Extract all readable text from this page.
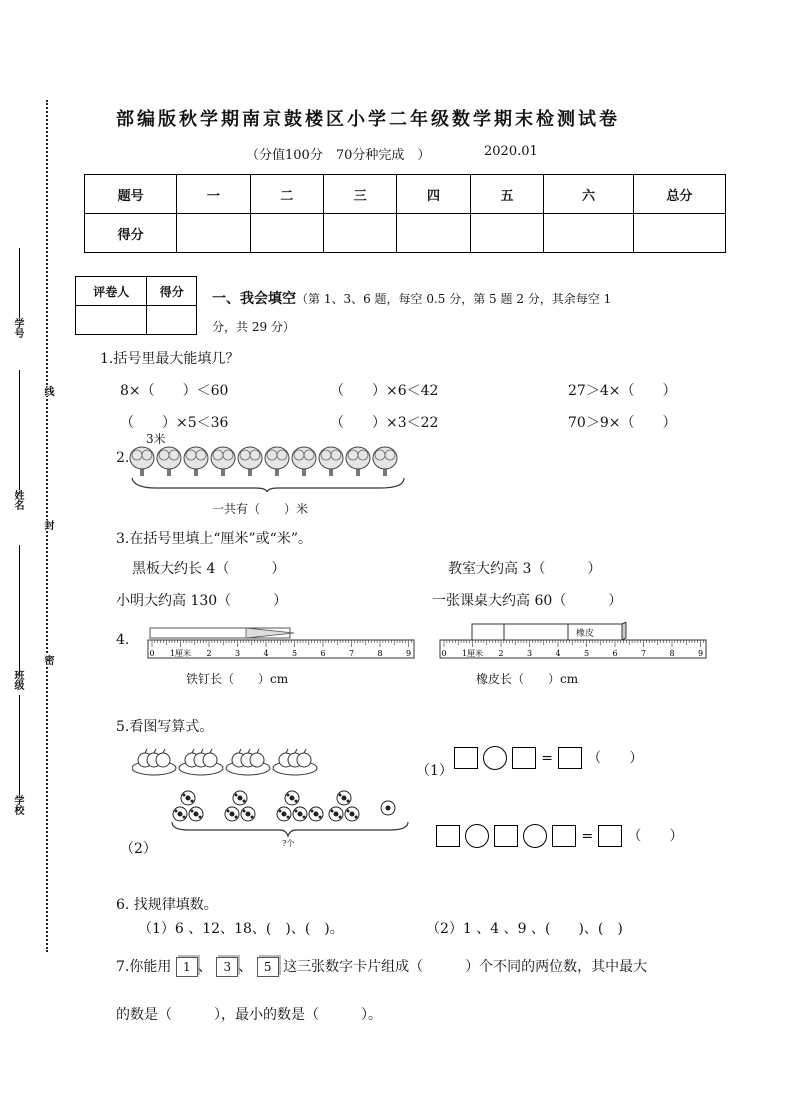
学号
姓名
班级
学校
线
封
密
部编版秋学期南京鼓楼区小学二年级数学期末检测试卷
（分值100分　70分种完成　）	2020.01
题号	一	二	三	四	五	六	总分
得分							
评卷人	得分
	一、我会填空（第 1、3、6 题，每空 0.5 分，第 5 题 2 分，其余每空 1
分，共 29 分）
1.括号里最大能填几？
8×（　　）＜60	（　　）×6＜42	27＞4×（　　）
（　　）×5＜36	（　　）×3＜22	70＞9×（　　）
2.
3米
一共有（　　）米
3.在括号里填上“厘米”或“米”。
黑板大约长 4（　　　）	教室大约高 3（　　　）
小明大约高 130（　　　）	一张课桌大约高 60（　　　）
4.
0 1厘米 2	3	4	5	6	7	8	9	0 1厘米 2	3	4	5	6	7	8	9
橡皮
铁钉长（　　）cm	橡皮长（　　）cm
5.看图写算式。
（1）
= （　　）
?个
（2）
= （　　）
6. 找规律填数。
（1）6 、12、18、(　)、(　)。	（2）1 、4 、9 、(　　)、(　)
7.你能用 1 、 3 、 5 这三张数字卡片组成（　　　）个不同的两位数，其中最大
的数是（　　　），最小的数是（　　　）。
